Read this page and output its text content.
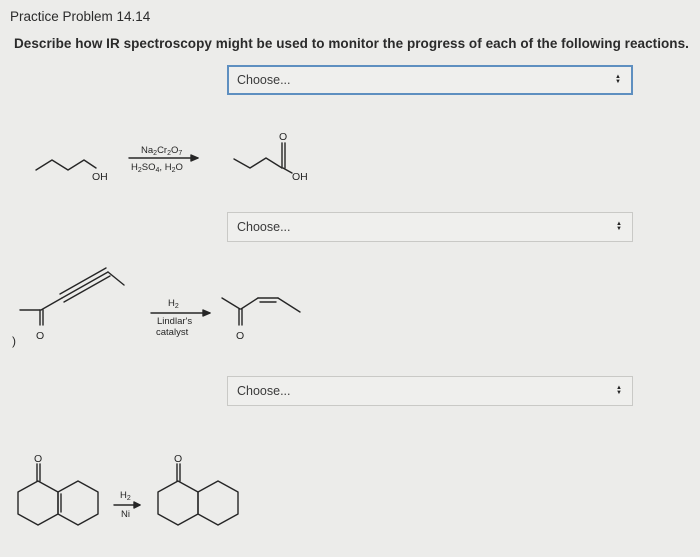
Practice Problem 14.14
Describe how IR spectroscopy might be used to monitor the progress of each of the following reactions.
Choose...	▲
▼
Choose...	▲
▼
Choose...	▲
▼
OH
$Na_2Cr_2O_7$
$H_2SO_4$, $H_2O$
O
OH
O
)
$H_2$
Lindlar's
catalyst	O
O
$H_2$
Ni
O
